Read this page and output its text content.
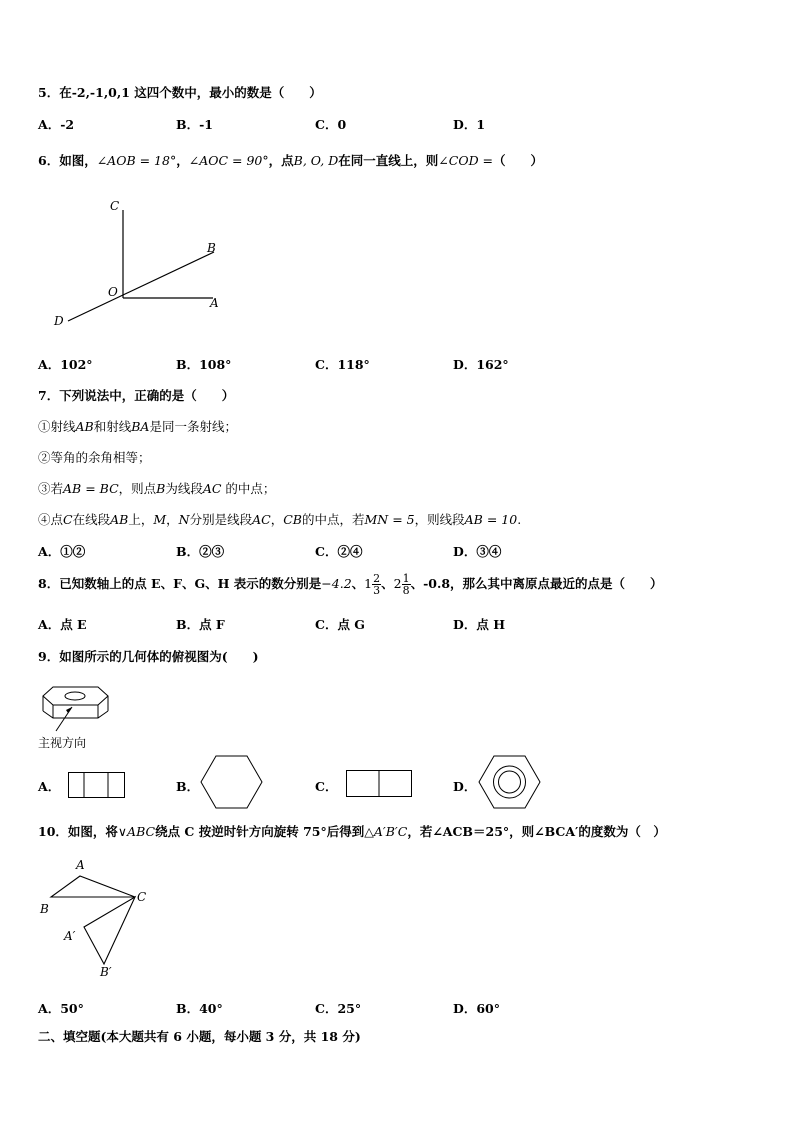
5．在-2,-1,0,1 这四个数中，最小的数是（　　）
A．-2	B．-1	C．0	D．1
6．如图，∠AOB = 18°，∠AOC = 90°，点B, O, D在同一直线上，则∠COD =（　　）
C
B
O
A
D
A．102°	B．108°	C．118°	D．162°
7．下列说法中，正确的是（　　）
①射线AB和射线BA是同一条射线；
②等角的余角相等；
③若AB = BC，则点B为线段AC 的中点；
④点C在线段AB上，M，N分别是线段AC，CB的中点，若MN = 5，则线段AB = 10.
A．①②	B．②③	C．②④	D．③④
8．已知数轴上的点 E、F、G、H 表示的数分别是−4.2、$1 \frac{2}{3}$ 、$2 \frac{1}{8}$ 、-0.8，那么其中离原点最近的点是（　　）
A．点 E	B．点 F	C．点 G	D．点 H
9．如图所示的几何体的俯视图为(　　)
主视方向
A．	B．	C．	D．
10．如图，将∨ABC绕点 C 按逆时针方向旋转 75°后得到△A′B′C，若∠ACB＝25°，则∠BCA′的度数为（　）
A
B
C
A′
B′
A．50°	B．40°	C．25°	D．60°
二、填空题(本大题共有 6 小题，每小题 3 分，共 18 分)
